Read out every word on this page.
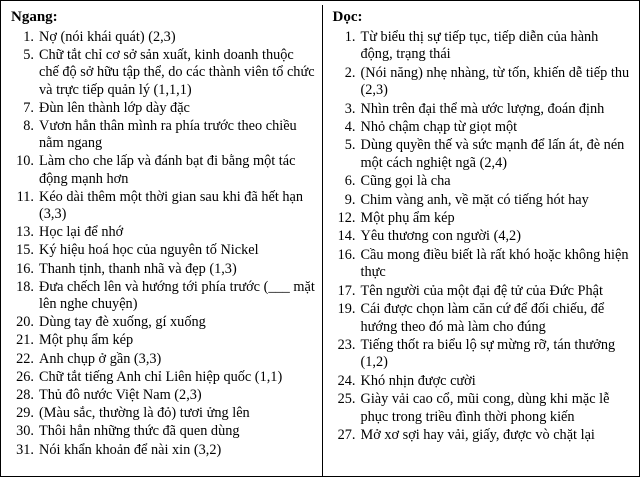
Ngang:
1. Nợ (nói khái quát) (2,3)
5. Chữ tắt chỉ cơ sở sản xuất, kinh doanh thuộc chế độ sở hữu tập thể, do các thành viên tổ chức và trực tiếp quản lý (1,1,1)
7. Đùn lên thành lớp dày đặc
8. Vươn hẳn thân mình ra phía trước theo chiều nằm ngang
10. Làm cho che lấp và đánh bạt đi bằng một tác động mạnh hơn
11. Kéo dài thêm một thời gian sau khi đã hết hạn (3,3)
13. Học lại để nhớ
15. Ký hiệu hoá học của nguyên tố Nickel
16. Thanh tịnh, thanh nhã và đẹp (1,3)
18. Đưa chếch lên và hướng tới phía trước (___ mặt lên nghe chuyện)
20. Dùng tay đè xuống, gí xuống
21. Một phụ ẩm kép
22. Anh chụp ở gần (3,3)
26. Chữ tắt tiếng Anh chỉ Liên hiệp quốc (1,1)
28. Thủ đô nước Việt Nam (2,3)
29. (Màu sắc, thường là đỏ) tươi ửng lên
30. Thôi hẳn những thức đã quen dùng
31. Nói khẩn khoản để nài xin (3,2)
Dọc:
1. Từ biểu thị sự tiếp tục, tiếp diễn của hành động, trạng thái
2. (Nói năng) nhẹ nhàng, từ tốn, khiến dễ tiếp thu (2,3)
3. Nhìn trên đại thể mà ước lượng, đoán định
4. Nhỏ chậm chạp từ giọt một
5. Dùng quyền thế và sức mạnh để lấn át, đè nén một cách nghiệt ngã (2,4)
6. Cũng gọi là cha
9. Chim vàng anh, về mặt có tiếng hót hay
12. Một phụ ẩm kép
14. Yêu thương con người (4,2)
16. Cầu mong điều biết là rất khó hoặc không hiện thực
17. Tên người của một đại đệ tử của Đức Phật
19. Cái được chọn làm căn cứ để đối chiếu, để hướng theo đó mà làm cho đúng
23. Tiếng thốt ra biểu lộ sự mừng rỡ, tán thưởng (1,2)
24. Khó nhịn được cười
25. Giày vải cao cổ, mũi cong, dùng khi mặc lễ phục trong triều đình thời phong kiến
27. Mở xơ sợi hay vải, giấy, được vò chặt lại
